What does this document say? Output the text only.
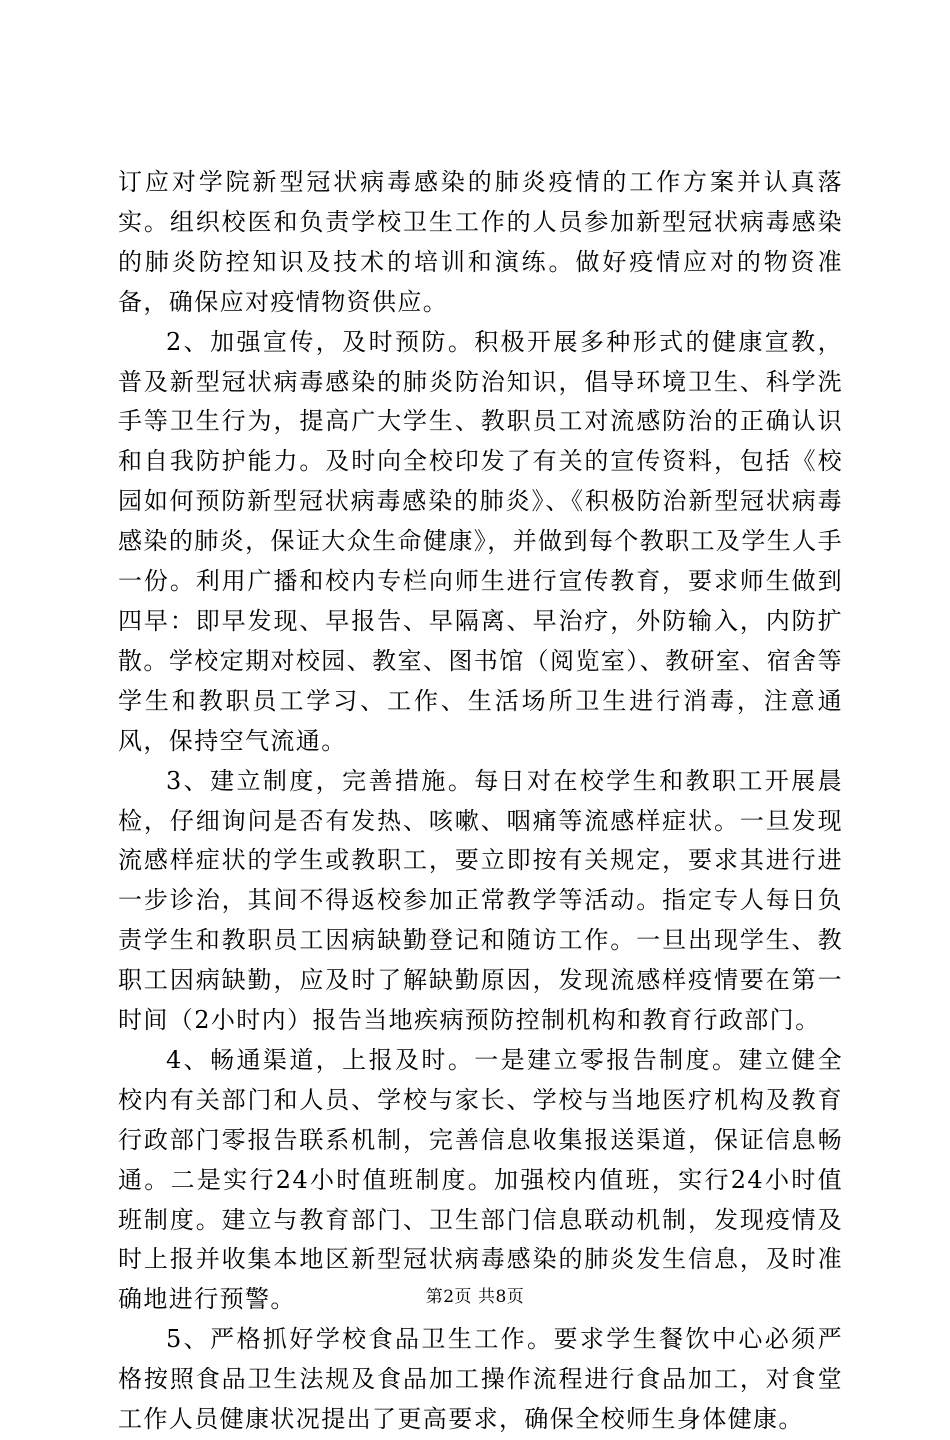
订应对学院新型冠状病毒感染的肺炎疫情的工作方案并认真落实。组织校医和负责学校卫生工作的人员参加新型冠状病毒感染的肺炎防控知识及技术的培训和演练。做好疫情应对的物资准备，确保应对疫情物资供应。

2、加强宣传，及时预防。积极开展多种形式的健康宣教，普及新型冠状病毒感染的肺炎防治知识，倡导环境卫生、科学洗手等卫生行为，提高广大学生、教职员工对流感防治的正确认识和自我防护能力。及时向全校印发了有关的宣传资料，包括《校园如何预防新型冠状病毒感染的肺炎》、《积极防治新型冠状病毒感染的肺炎，保证大众生命健康》，并做到每个教职工及学生人手一份。利用广播和校内专栏向师生进行宣传教育，要求师生做到四早：即早发现、早报告、早隔离、早治疗，外防输入，内防扩散。学校定期对校园、教室、图书馆（阅览室）、教研室、宿舍等学生和教职员工学习、工作、生活场所卫生进行消毒，注意通风，保持空气流通。

3、建立制度，完善措施。每日对在校学生和教职工开展晨检，仔细询问是否有发热、咳嗽、咽痛等流感样症状。一旦发现流感样症状的学生或教职工，要立即按有关规定，要求其进行进一步诊治，其间不得返校参加正常教学等活动。指定专人每日负责学生和教职员工因病缺勤登记和随访工作。一旦出现学生、教职工因病缺勤，应及时了解缺勤原因，发现流感样疫情要在第一时间（2小时内）报告当地疾病预防控制机构和教育行政部门。

4、畅通渠道，上报及时。一是建立零报告制度。建立健全校内有关部门和人员、学校与家长、学校与当地医疗机构及教育行政部门零报告联系机制，完善信息收集报送渠道，保证信息畅通。二是实行24小时值班制度。加强校内值班，实行24小时值班制度。建立与教育部门、卫生部门信息联动机制，发现疫情及时上报并收集本地区新型冠状病毒感染的肺炎发生信息，及时准确地进行预警。

5、严格抓好学校食品卫生工作。要求学生餐饮中心必须严格按照食品卫生法规及食品加工操作流程进行食品加工，对食堂工作人员健康状况提出了更高要求，确保全校师生身体健康。

第2页 共8页
